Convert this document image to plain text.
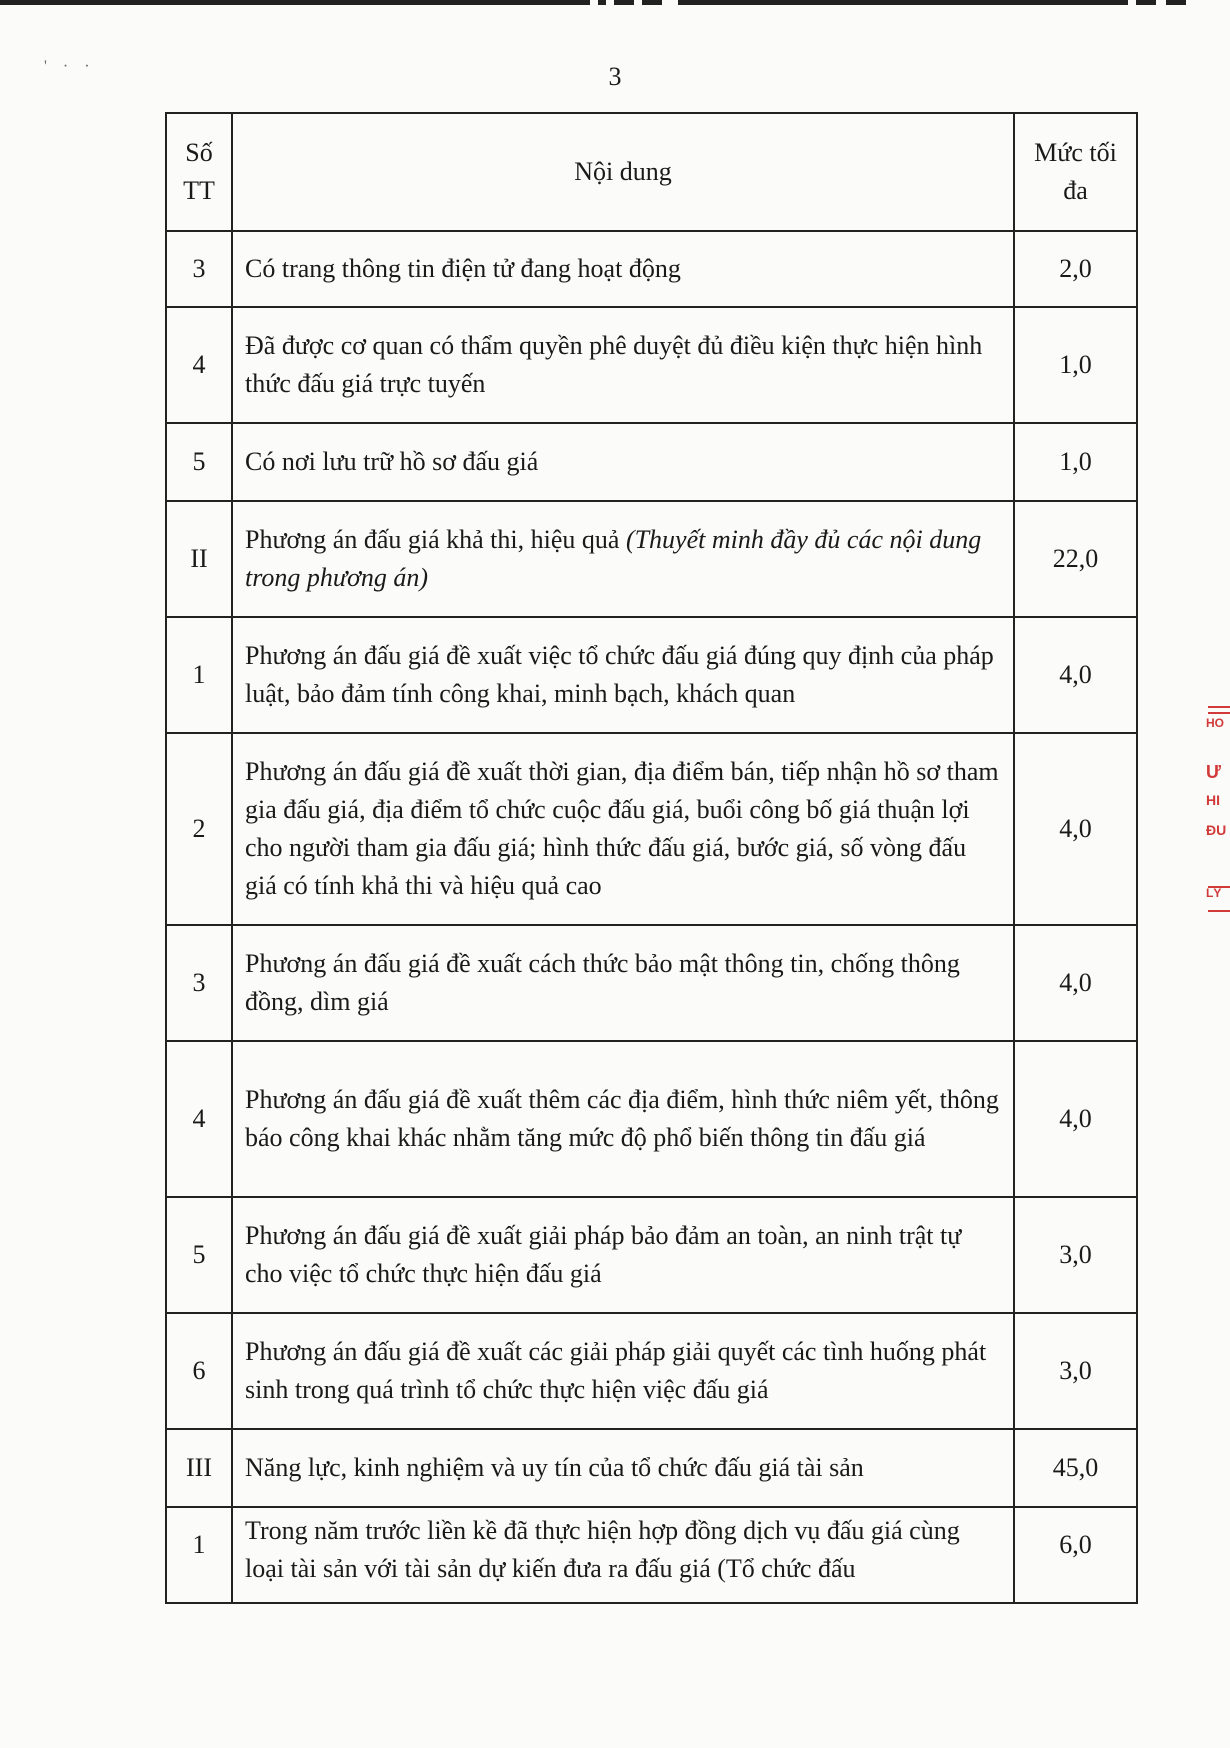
' · ·	3
Số TT	Nội dung	Mức tối đa
3	Có trang thông tin điện tử đang hoạt động	2,0
4	Đã được cơ quan có thẩm quyền phê duyệt đủ điều kiện thực hiện hình thức đấu giá trực tuyến	1,0
5	Có nơi lưu trữ hồ sơ đấu giá	1,0
II	Phương án đấu giá khả thi, hiệu quả (Thuyết minh đầy đủ các nội dung trong phương án)	22,0
1	Phương án đấu giá đề xuất việc tổ chức đấu giá đúng quy định của pháp luật, bảo đảm tính công khai, minh bạch, khách quan	4,0
2	Phương án đấu giá đề xuất thời gian, địa điểm bán, tiếp nhận hồ sơ tham gia đấu giá, địa điểm tổ chức cuộc đấu giá, buổi công bố giá thuận lợi cho người tham gia đấu giá; hình thức đấu giá, bước giá, số vòng đấu giá có tính khả thi và hiệu quả cao	4,0
3	Phương án đấu giá đề xuất cách thức bảo mật thông tin, chống thông đồng, dìm giá	4,0
4	Phương án đấu giá đề xuất thêm các địa điểm, hình thức niêm yết, thông báo công khai khác nhằm tăng mức độ phổ biến thông tin đấu giá	4,0
5	Phương án đấu giá đề xuất giải pháp bảo đảm an toàn, an ninh trật tự cho việc tổ chức thực hiện đấu giá	3,0
6	Phương án đấu giá đề xuất các giải pháp giải quyết các tình huống phát sinh trong quá trình tổ chức thực hiện việc đấu giá	3,0
III	Năng lực, kinh nghiệm và uy tín của tổ chức đấu giá tài sản	45,0
1	Trong năm trước liền kề đã thực hiện hợp đồng dịch vụ đấu giá cùng loại tài sản với tài sản dự kiến đưa ra đấu giá (Tổ chức đấu	6,0
HO
Ư
HI
ĐU
LÝ
